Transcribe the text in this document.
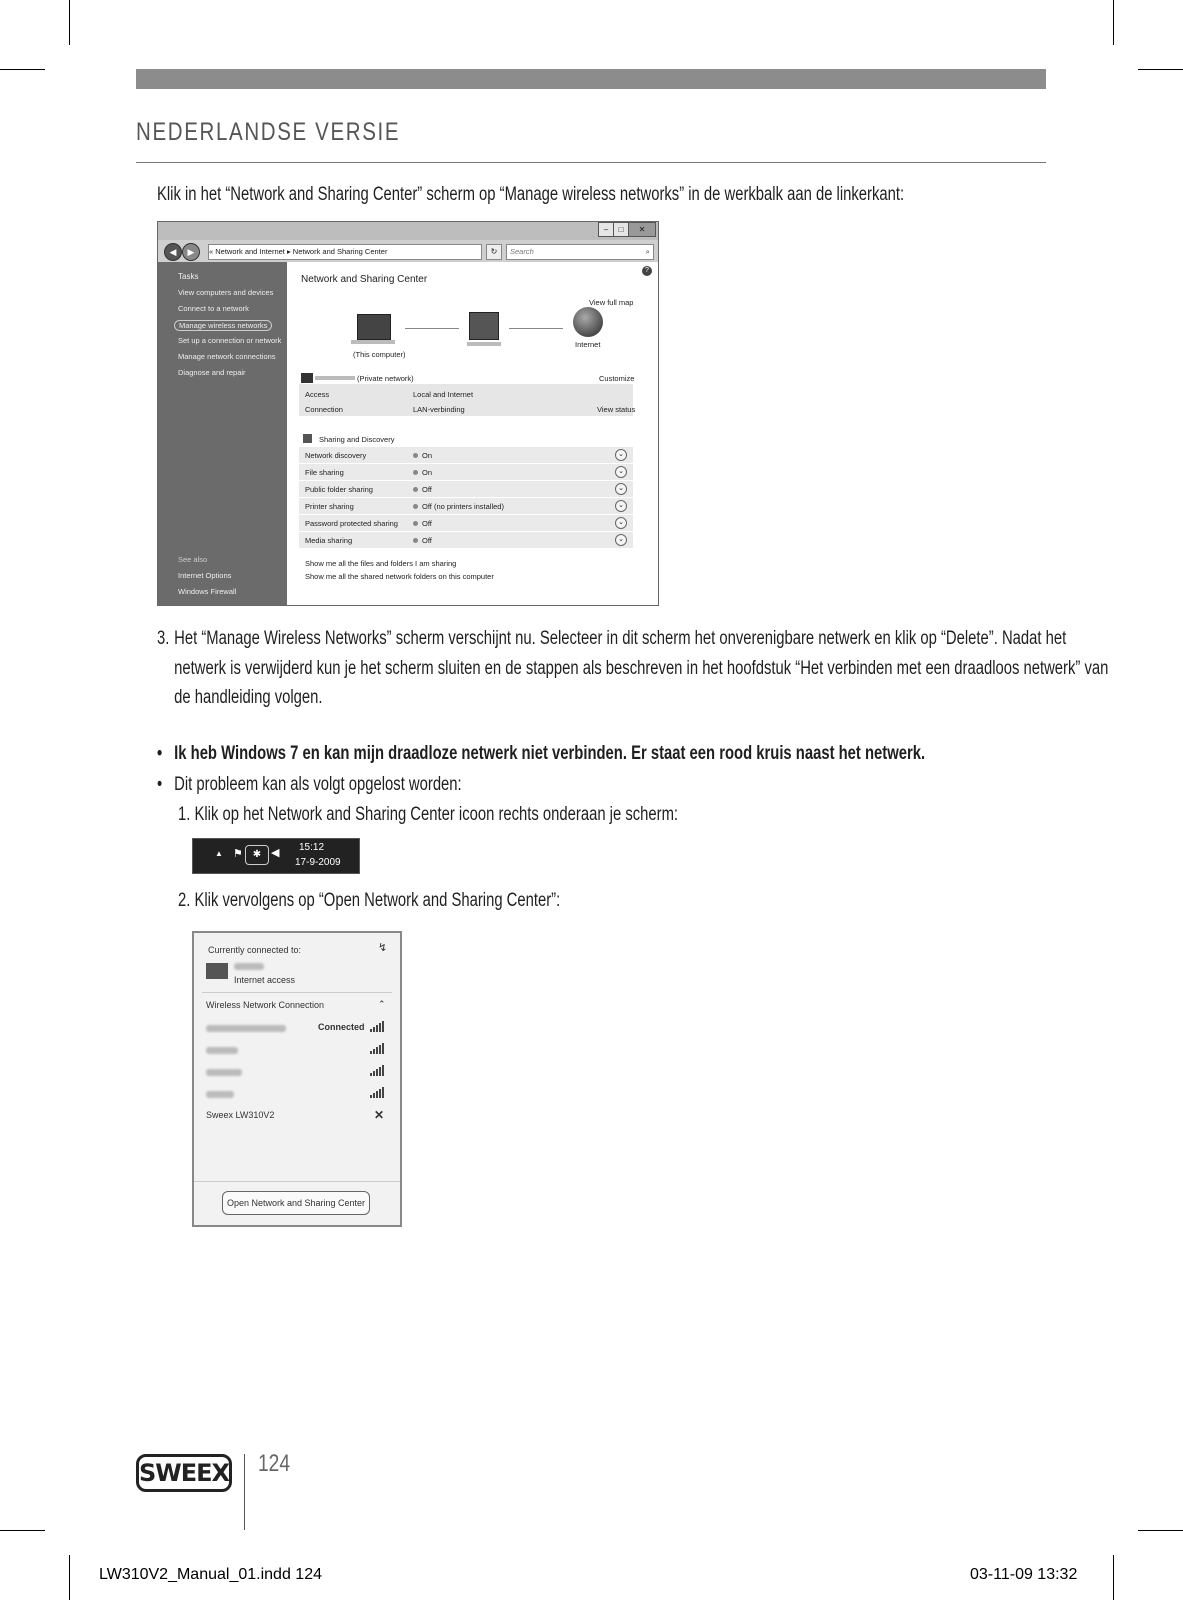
NEDERLANDSE VERSIE
Klik in het “Network and Sharing Center” scherm op “Manage wireless networks” in de werkbalk aan de linkerkant:
–	□	✕
◀	▶	« Network and Internet ▸ Network and Sharing Center	↻	Search	⌕
Tasks
View computers and devices
Connect to a network
Manage wireless networks
Set up a connection or network
Manage network connections
Diagnose and repair
See also
Internet Options
Windows Firewall
?
Network and Sharing Center
View full map
(This computer)
Internet
(Private network)	Customize
Access	Local and Internet
Connection	LAN-verbinding	View status
Sharing and Discovery
Network discovery	On	⌄
File sharing	On	⌄
Public folder sharing	Off	⌄
Printer sharing	Off (no printers installed)	⌄
Password protected sharing	Off	⌄
Media sharing	Off	⌄
Show me all the files and folders I am sharing
Show me all the shared network folders on this computer
3. Het “Manage Wireless Networks” scherm verschijnt nu. Selecteer in dit scherm het onverenigbare netwerk en klik op “Delete”. Nadat het
netwerk is verwijderd kun je het scherm sluiten en de stappen als beschreven in het hoofdstuk “Het verbinden met een draadloos netwerk” van
de handleiding volgen.
• Ik heb Windows 7 en kan mijn draadloze netwerk niet verbinden. Er staat een rood kruis naast het netwerk.
• Dit probleem kan als volgt opgelost worden:
1. Klik op het Network and Sharing Center icoon rechts onderaan je scherm:
▲ ⚑ ✱ ◀ 15:12
17-9-2009
2. Klik vervolgens op “Open Network and Sharing Center”:
Currently connected to:	↯
Internet access
Wireless Network Connection	⌃
Connected
Sweex LW310V2	✕
Open Network and Sharing Center
SWEEX 124
LW310V2_Manual_01.indd 124	03-11-09 13:32
